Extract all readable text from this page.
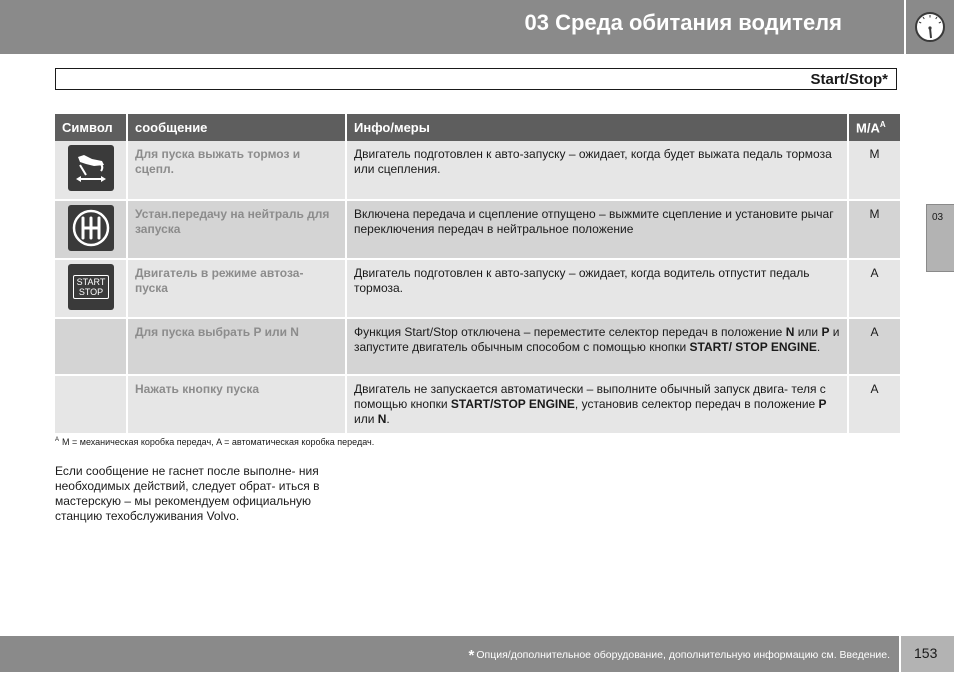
03 Среда обитания водителя
Start/Stop*
03
Символ	сообщение	Инфо/меры	$M/A^A$

	Для пуска выжать тормоз и сцепл.	Двигатель подготовлен к авто-запуску – ожидает, когда будет выжата педаль тормоза или сцепления.	M

	Устан.передачу на нейтраль для запуска	Включена передача и сцепление отпущено – выжмите сцепление и установите рычаг переключения передач в нейтральное положение	M

START
STOP	Двигатель в режиме автоза- пуска	Двигатель подготовлен к авто-запуску – ожидает, когда водитель отпустит педаль тормоза.	A
	Для пуска выбрать P или N	Функция Start/Stop отключена – переместите селектор передач в положение N или P и запустите двигатель обычным способом с помощью кнопки START/ STOP ENGINE.	A
	Нажать кнопку пуска	Двигатель не запускается автоматически – выполните обычный запуск двига- теля с помощью кнопки START/STOP ENGINE, установив селектор передач в положение P или N.	A
$^A$ M = механическая коробка передач, A = автоматическая коробка передач.
Если сообщение не гаснет после выполне- ния необходимых действий, следует обрат- иться в мастерскую – мы рекомендуем официальную станцию техобслуживания Volvo.
* Опция/дополнительное оборудование, дополнительную информацию см. Введение. 153
